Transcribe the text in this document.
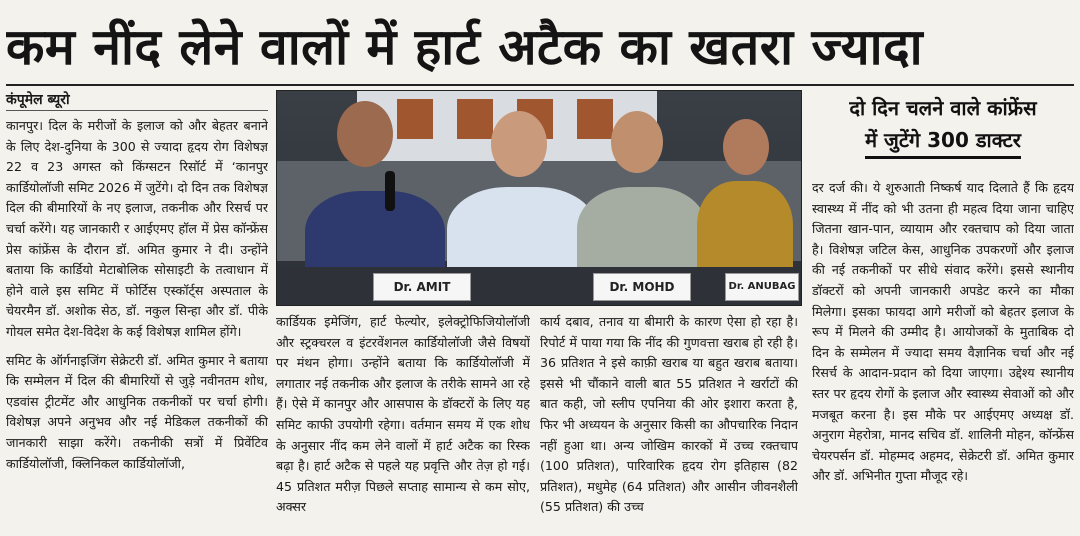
कम नींद लेने वालों में हार्ट अटैक का खतरा ज्यादा
कंपूमेल ब्यूरो

कानपुर। दिल के मरीजों के इलाज को और बेहतर बनाने के लिए देश-दुनिया के 300 से ज्यादा हृदय रोग विशेषज्ञ 22 व 23 अगस्त को किंग्सटन रिसॉर्ट में ‘कानपुर कार्डियोलॉजी समिट 2026 में जुटेंगे। दो दिन तक विशेषज्ञ दिल की बीमारियों के नए इलाज, तकनीक और रिसर्च पर चर्चा करेंगे। यह जानकारी र आईएमए हॉल में प्रेस कॉन्फ्रेंस प्रेस कांफ्रेंस के दौरान डॉ. अमित कुमार ने दी। उन्होंने बताया कि कार्डियो मेटाबोलिक सोसाइटी के तत्वाधान में होने वाले इस समिट में फोर्टिस एस्कॉर्ट्स अस्पताल के चेयरमैन डॉ. अशोक सेठ, डॉ. नकुल सिन्हा और डॉ. पीके गोयल समेत देश-विदेश के कई विशेषज्ञ शामिल होंगे।

समिट के ऑर्गनाइजिंग सेक्रेटरी डॉ. अमित कुमार ने बताया कि सम्मेलन में दिल की बीमारियों से जुड़े नवीनतम शोध, एडवांस ट्रीटमेंट और आधुनिक तकनीकों पर चर्चा होगी। विशेषज्ञ अपने अनुभव और नई मेडिकल तकनीकों की जानकारी साझा करेंगे। तकनीकी सत्रों में प्रिवेंटिव कार्डियोलॉजी, क्लिनिकल कार्डियोलॉजी,

Dr. AMIT	Dr. MOHD	Dr. ANUBAG
दो दिन चलने वाले कांफ्रेंस
में जुटेंगे 300 डाक्टर

कार्डियक इमेजिंग, हार्ट फेल्योर, इलेक्ट्रोफिजियोलॉजी और स्ट्रक्चरल व इंटरवेंशनल कार्डियोलॉजी जैसे विषयों पर मंथन होगा। उन्होंने बताया कि कार्डियोलॉजी में लगातार नई तकनीक और इलाज के तरीके सामने आ रहे हैं। ऐसे में कानपुर और आसपास के डॉक्टरों के लिए यह समिट काफी उपयोगी रहेगा। वर्तमान समय में एक शोध के अनुसार नींद कम लेने वालों में हार्ट अटैक का रिस्क बढ़ा है। हार्ट अटैक से पहले यह प्रवृत्ति और तेज़ हो गई। 45 प्रतिशत मरीज़ पिछले सप्ताह सामान्य से कम सोए, अक्सर

कार्य दबाव, तनाव या बीमारी के कारण ऐसा हो रहा है। रिपोर्ट में पाया गया कि नींद की गुणवत्ता खराब हो रही है। 36 प्रतिशत ने इसे काफ़ी खराब या बहुत खराब बताया। इससे भी चौंकाने वाली बात 55 प्रतिशत ने खर्राटों की बात कही, जो स्लीप एपनिया की ओर इशारा करता है, फिर भी अध्ययन के अनुसार किसी का औपचारिक निदान नहीं हुआ था। अन्य जोखिम कारकों में उच्च रक्तचाप (100 प्रतिशत), पारिवारिक हृदय रोग इतिहास (82 प्रतिशत), मधुमेह (64 प्रतिशत) और आसीन जीवनशैली (55 प्रतिशत) की उच्च

दर दर्ज की। ये शुरुआती निष्कर्ष याद दिलाते हैं कि हृदय स्वास्थ्य में नींद को भी उतना ही महत्व दिया जाना चाहिए जितना खान-पान, व्यायाम और रक्तचाप को दिया जाता है। विशेषज्ञ जटिल केस, आधुनिक उपकरणों और इलाज की नई तकनीकों पर सीधे संवाद करेंगे। इससे स्थानीय डॉक्टरों को अपनी जानकारी अपडेट करने का मौका मिलेगा। इसका फायदा आगे मरीजों को बेहतर इलाज के रूप में मिलने की उम्मीद है। आयोजकों के मुताबिक दो दिन के सम्मेलन में ज्यादा समय वैज्ञानिक चर्चा और नई रिसर्च के आदान-प्रदान को दिया जाएगा। उद्देश्य स्थानीय स्तर पर हृदय रोगों के इलाज और स्वास्थ्य सेवाओं को और मजबूत करना है। इस मौके पर आईएमए अध्यक्ष डॉ. अनुराग मेहरोत्रा, मानद सचिव डॉ. शालिनी मोहन, कॉन्फ्रेंस चेयरपर्सन डॉ. मोहम्मद अहमद, सेक्रेटरी डॉ. अमित कुमार और डॉ. अभिनीत गुप्ता मौजूद रहे।
